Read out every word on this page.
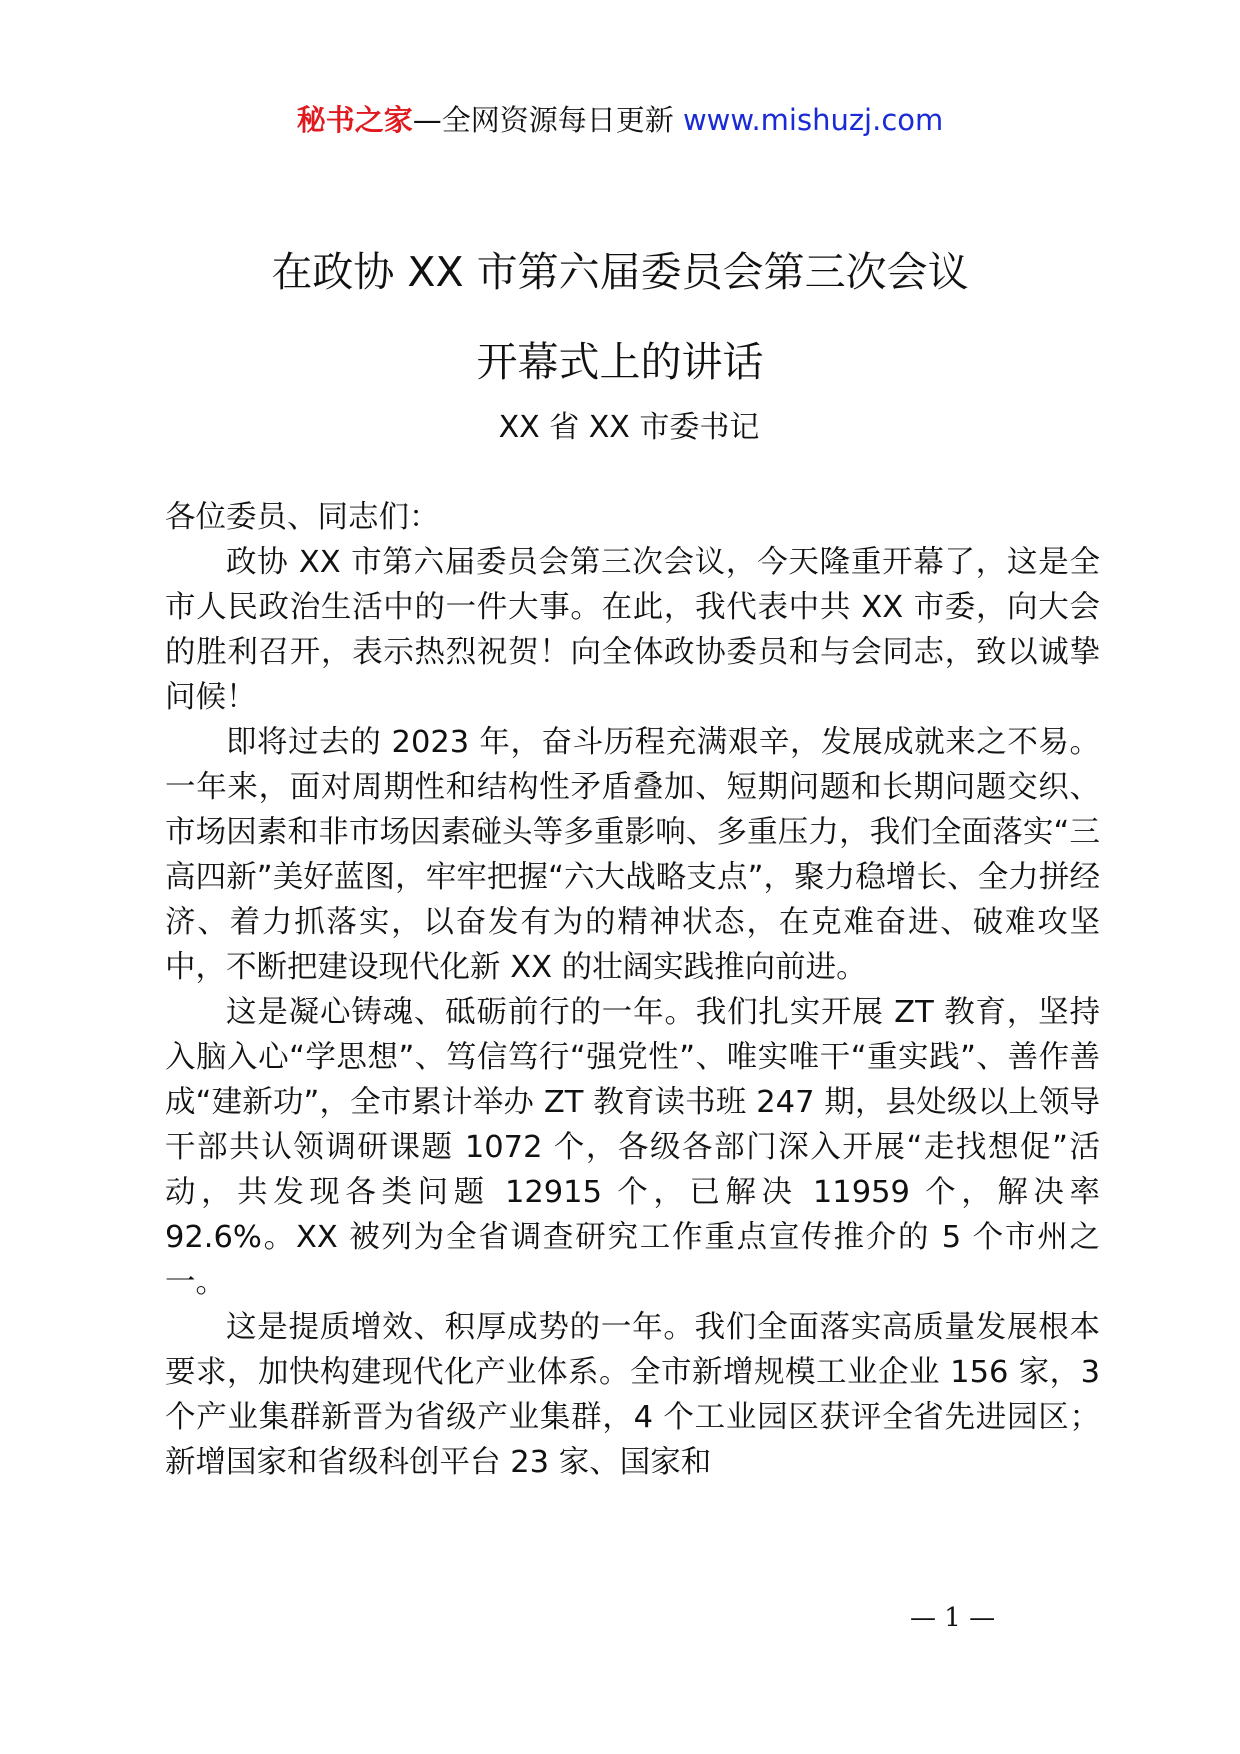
秘书之家—全网资源每日更新 www.mishuzj.com
在政协 XX 市第六届委员会第三次会议
开幕式上的讲话
XX 省 XX 市委书记

各位委员、同志们：

政协 XX 市第六届委员会第三次会议，今天隆重开幕了，这是全市人民政治生活中的一件大事。在此，我代表中共 XX 市委，向大会的胜利召开，表示热烈祝贺！向全体政协委员和与会同志，致以诚挚问候！

即将过去的 2023 年，奋斗历程充满艰辛，发展成就来之不易。一年来，面对周期性和结构性矛盾叠加、短期问题和长期问题交织、市场因素和非市场因素碰头等多重影响、多重压力，我们全面落实“三高四新”美好蓝图，牢牢把握“六大战略支点”，聚力稳增长、全力拼经济、着力抓落实，以奋发有为的精神状态，在克难奋进、破难攻坚中，不断把建设现代化新 XX 的壮阔实践推向前进。

这是凝心铸魂、砥砺前行的一年。我们扎实开展 ZT 教育，坚持入脑入心“学思想”、笃信笃行“强党性”、唯实唯干“重实践”、善作善成“建新功”，全市累计举办 ZT 教育读书班 247 期，县处级以上领导干部共认领调研课题 1072 个，各级各部门深入开展“走找想促”活动，共发现各类问题 12915 个，已解决 11959 个，解决率 92.6%。XX 被列为全省调查研究工作重点宣传推介的 5 个市州之一。

这是提质增效、积厚成势的一年。我们全面落实高质量发展根本要求，加快构建现代化产业体系。全市新增规模工业企业 156 家，3 个产业集群新晋为省级产业集群，4 个工业园区获评全省先进园区；新增国家和省级科创平台 23 家、国家和

— 1 —
